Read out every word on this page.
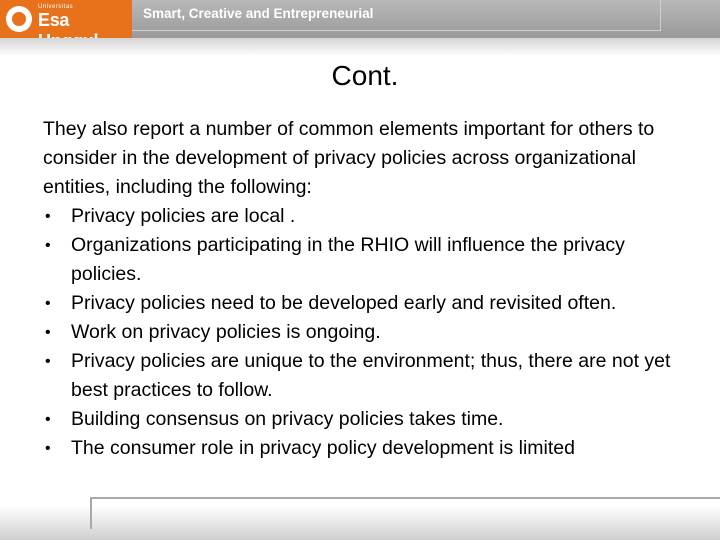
Universitas
Esa	Smart, Creative and Entrepreneurial
Cont.

They also report a number of common elements important for others to consider in the development of privacy policies across organizational entities, including the following:

• Privacy policies are local .
• Organizations participating in the RHIO will influence the privacy policies.
• Privacy policies need to be developed early and revisited often.
• Work on privacy policies is ongoing.
• Privacy policies are unique to the environment; thus, there are not yet best practices to follow.
• Building consensus on privacy policies takes time.
• The consumer role in privacy policy development is limited
